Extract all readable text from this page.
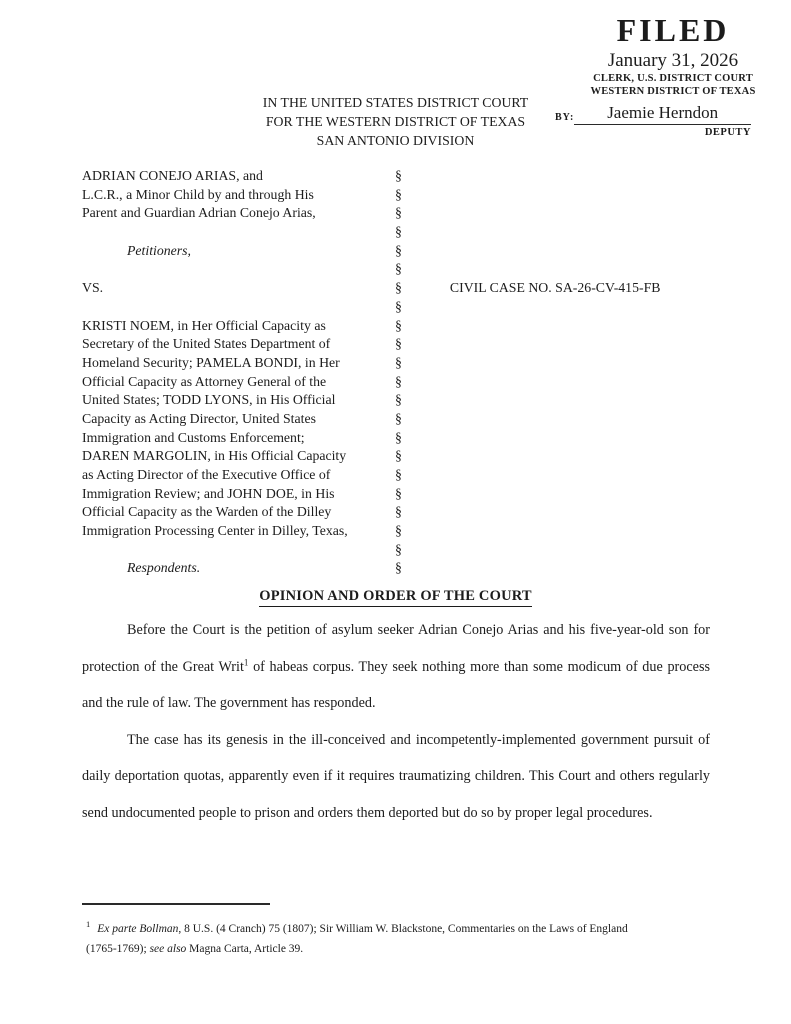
FILED
January 31, 2026
CLERK, U.S. DISTRICT COURT
WESTERN DISTRICT OF TEXAS
BY:	Jaemie Herndon
DEPUTY
IN THE UNITED STATES DISTRICT COURT
FOR THE WESTERN DISTRICT OF TEXAS
SAN ANTONIO DIVISION
ADRIAN CONEJO ARIAS, and	§
L.C.R., a Minor Child by and through His	§
Parent and Guardian Adrian Conejo Arias,	§
§
Petitioners,	§
§
VS.	§	CIVIL CASE NO. SA-26-CV-415-FB
§
KRISTI NOEM, in Her Official Capacity as	§
Secretary of the United States Department of	§
Homeland Security; PAMELA BONDI, in Her	§
Official Capacity as Attorney General of the	§
United States; TODD LYONS, in His Official	§
Capacity as Acting Director, United States	§
Immigration and Customs Enforcement;	§
DAREN MARGOLIN, in His Official Capacity	§
as Acting Director of the Executive Office of	§
Immigration Review; and JOHN DOE, in His	§
Official Capacity as the Warden of the Dilley	§
Immigration Processing Center in Dilley, Texas,	§
§
Respondents.	§
OPINION AND ORDER OF THE COURT

Before the Court is the petition of asylum seeker Adrian Conejo Arias and his five-year-old son for protection of the Great Writ$^1$ of habeas corpus. They seek nothing more than some modicum of due process and the rule of law. The government has responded.

The case has its genesis in the ill-conceived and incompetently-implemented government pursuit of daily deportation quotas, apparently even if it requires traumatizing children. This Court and others regularly send undocumented people to prison and orders them deported but do so by proper legal procedures.

$^1$ Ex parte Bollman, 8 U.S. (4 Cranch) 75 (1807); Sir William W. Blackstone, Commentaries on the Laws of England (1765-1769); see also Magna Carta, Article 39.
